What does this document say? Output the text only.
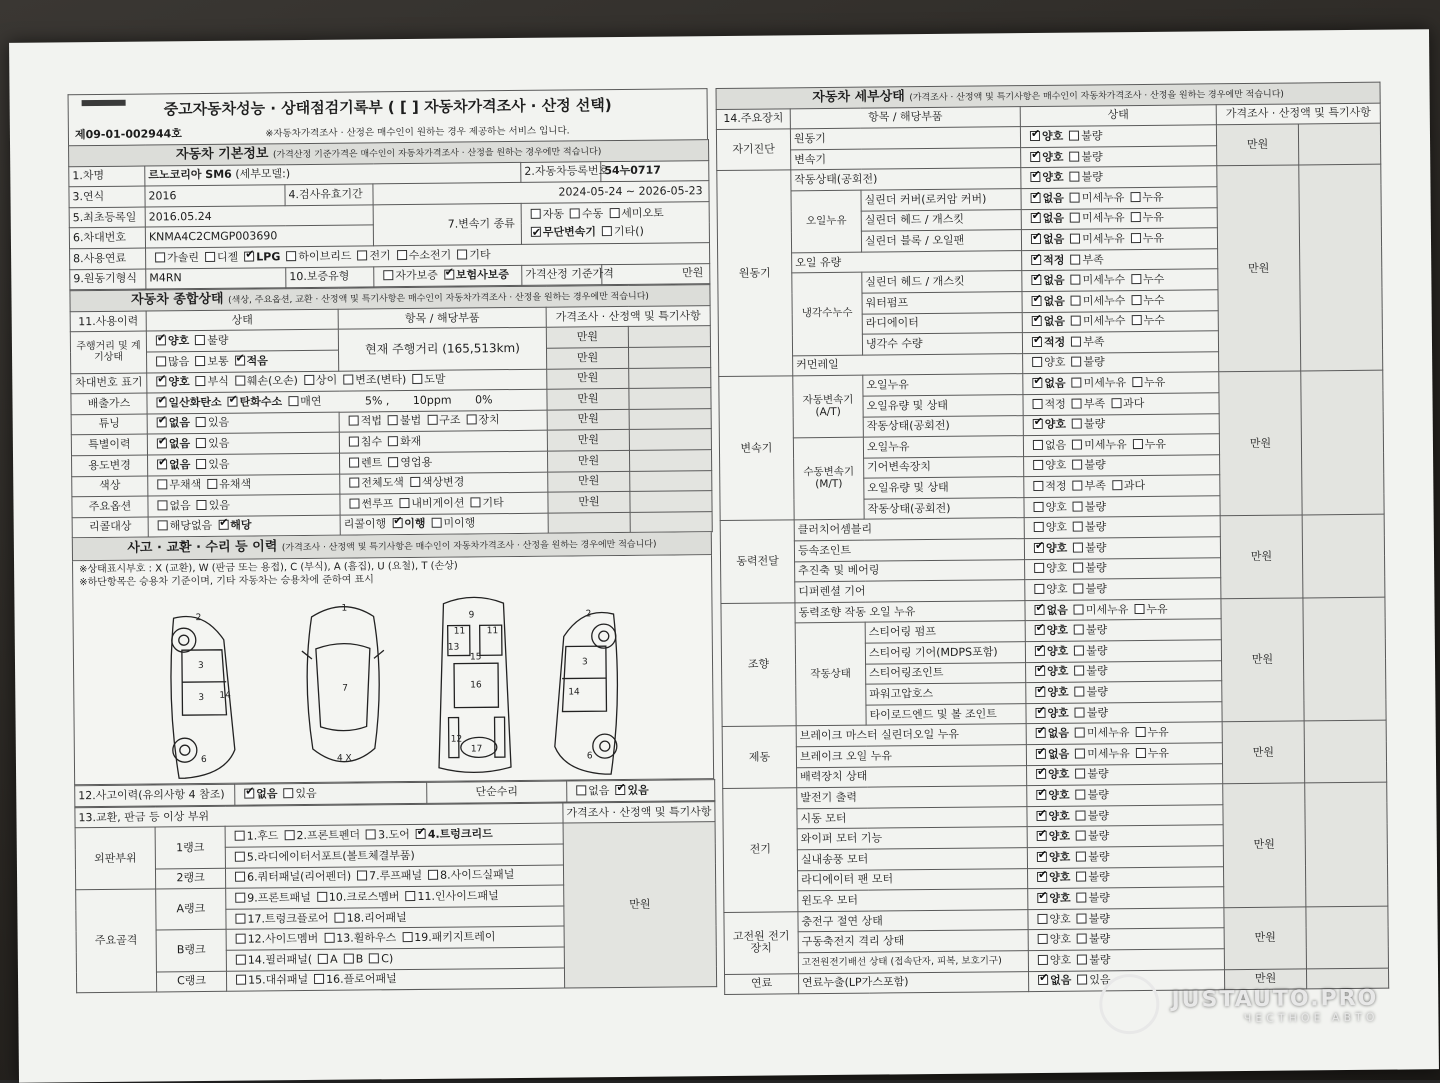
중고자동차성능 · 상태점검기록부 ( [ ] 자동차가격조사 · 산정 선택)
제09-01-002944호	※자동차가격조사 · 산정은 매수인이 원하는 경우 제공하는 서비스 입니다.
자동차 기본정보 (가격산정 기준가격은 매수인이 자동차가격조사 · 산정을 원하는 경우에만 적습니다)					
1.차명	르노코리아 SM6 (세부모델:)			2.자동차등록번호	54누0717
3.연식	2016	4.검사유효기간	2024-05-24 ~ 2026-05-23		
5.최초등록일	2016.05.24		7.변속기 종류	자동 수동 세미오토
✔무단변속기 기타()
6.차대번호	KNMA4C2CMGP003690				
8.사용연료	가솔린 디젤 ✔ LPG 하이브리드 전기 수소전기 기타
9.원동기형식	M4RN	10.보증유형	자가보증 ✔ 보험사보증	가격산정 기준가격	만원
자동차 종합상태 (색상, 주요옵션, 교환 · 산정액 및 특기사항은 매수인이 자동차가격조사 · 산정을 원하는 경우에만 적습니다)				
11.사용이력	상태	항목 / 해당부품	가격조사 · 산정액 및 특기사항	
주행거리 및 계기상태	✔양호 불량	현재 주행거리 (165,513km)	만원	
	많음 보통 ✔ 적음		만원	
차대번호 표기	✔양호 부식 훼손(오손) 상이 변조(변타) 도말		만원	
배출가스	✔일산화탄소 ✔ 탄화수소 매연 5% , 10ppm 0%		만원	
튜닝	✔없음 있음	적법 불법 구조 장치	만원	
특별이력	✔없음 있음	침수 화재	만원	
용도변경	✔없음 있음	렌트 영업용	만원	
색상	무채색 유채색	전체도색 색상변경	만원	
주요옵션	없음 있음	썬루프 내비게이션 기타	만원	
리콜대상	해당없음 ✔ 해당	리콜이행 ✔ 이행 미이행		
사고 · 교환 · 수리 등 이력 (가격조사 · 산정액 및 특기사항은 매수인이 자동차가격조사 · 산정을 원하는 경우에만 적습니다)
※상태표시부호 : X (교환), W (판금 또는 용접), C (부식), A (흠집), U (요철), T (손상)
※하단항목은 승용차 기준이며, 기타 자동차는 승용차에 준하여 표시
2
3
3
1
7
4 X
14
6
11 11
9
13
15
16
17
12
2
3
14
6
12.사고이력(유의사항 4 참조)	✔없음 있음	단순수리	없음 ✔ 있음
13.교환, 판금 등 이상 부위			가격조사 · 산정액 및 특기사항
외판부위	1랭크	1.후드 2.프론트펜더 3.도어 ✔ 4.트렁크리드	만원
		5.라디에이터서포트(볼트체결부품)	
	2랭크	6.쿼터패널(리어펜더) 7.루프패널 8.사이드실패널	
주요골격	A랭크	9.프론트패널 10.크로스멤버 11.인사이드패널	
		17.트렁크플로어 18.리어패널	
	B랭크	12.사이드멤버 13.휠하우스 19.패키지트레이	
		14.필러패널( A B C)	
	C랭크	15.대쉬패널 16.플로어패널	
자동차 세부상태 (가격조사 · 산정액 및 특기사항은 매수인이 자동차가격조사 · 산정을 원하는 경우에만 적습니다)					
14.주요장치	항목 / 해당부품		상태	가격조사 · 산정액 및 특기사항	
자기진단	원동기	✔양호 불량	만원	
	변속기	✔양호 불량
원동기	작동상태(공회전)	✔양호 불량	만원	
	오일누유	실린더 커버(로커암 커버)	✔없음 미세누유 누유
		실린더 헤드 / 개스킷	✔없음 미세누유 누유
		실린더 블록 / 오일팬	✔없음 미세누유 누유
	오일 유량	✔적정 부족
	냉각수누수	실린더 헤드 / 개스킷	✔없음 미세누수 누수
		워터펌프	✔없음 미세누수 누수
		라디에이터	✔없음 미세누수 누수
		냉각수 수량	✔적정 부족
	커먼레일		양호 불량		
변속기	자동변속기 (A/T)	오일누유	✔없음 미세누유 누유	만원	
		오일유량 및 상태	적정 부족 과다		
		작동상태(공회전)	✔양호 불량
	수동변속기 (M/T)	오일누유	없음 미세누유 누유		
		기어변속장치	양호 불량		
		오일유량 및 상태	적정 부족 과다		
		작동상태(공회전)	양호 불량		
동력전달	클러치어셈블리		양호 불량	만원	
	등속조인트	✔양호 불량
	추진축 및 베어링		양호 불량		
	디퍼렌셜 기어		양호 불량		
조향	동력조향 작동 오일 누유	✔없음 미세누유 누유	만원	
	작동상태	스티어링 펌프	✔양호 불량
		스티어링 기어(MDPS포함)	✔양호 불량
		스티어링조인트	✔양호 불량
		파워고압호스	✔양호 불량
		타이로드엔드 및 볼 조인트	✔양호 불량
제동	브레이크 마스터 실린더오일 누유	✔없음 미세누유 누유	만원	
	브레이크 오일 누유	✔없음 미세누유 누유
	배력장치 상태	✔양호 불량
전기	발전기 출력	✔양호 불량	만원	
	시동 모터	✔양호 불량
	와이퍼 모터 기능	✔양호 불량
	실내송풍 모터	✔양호 불량
	라디에이터 팬 모터	✔양호 불량
	윈도우 모터	✔양호 불량
고전원 전기장치	충전구 절연 상태		양호 불량	만원	
	구동축전지 격리 상태		양호 불량		
	고전원전기배선 상태 (접속단자, 피복, 보호기구)		양호 불량		
연료	연료누출(LP가스포함)	✔없음 있음	만원	
JUSTAUTO.PRO
ЧЕСТНОЕ АВТО
